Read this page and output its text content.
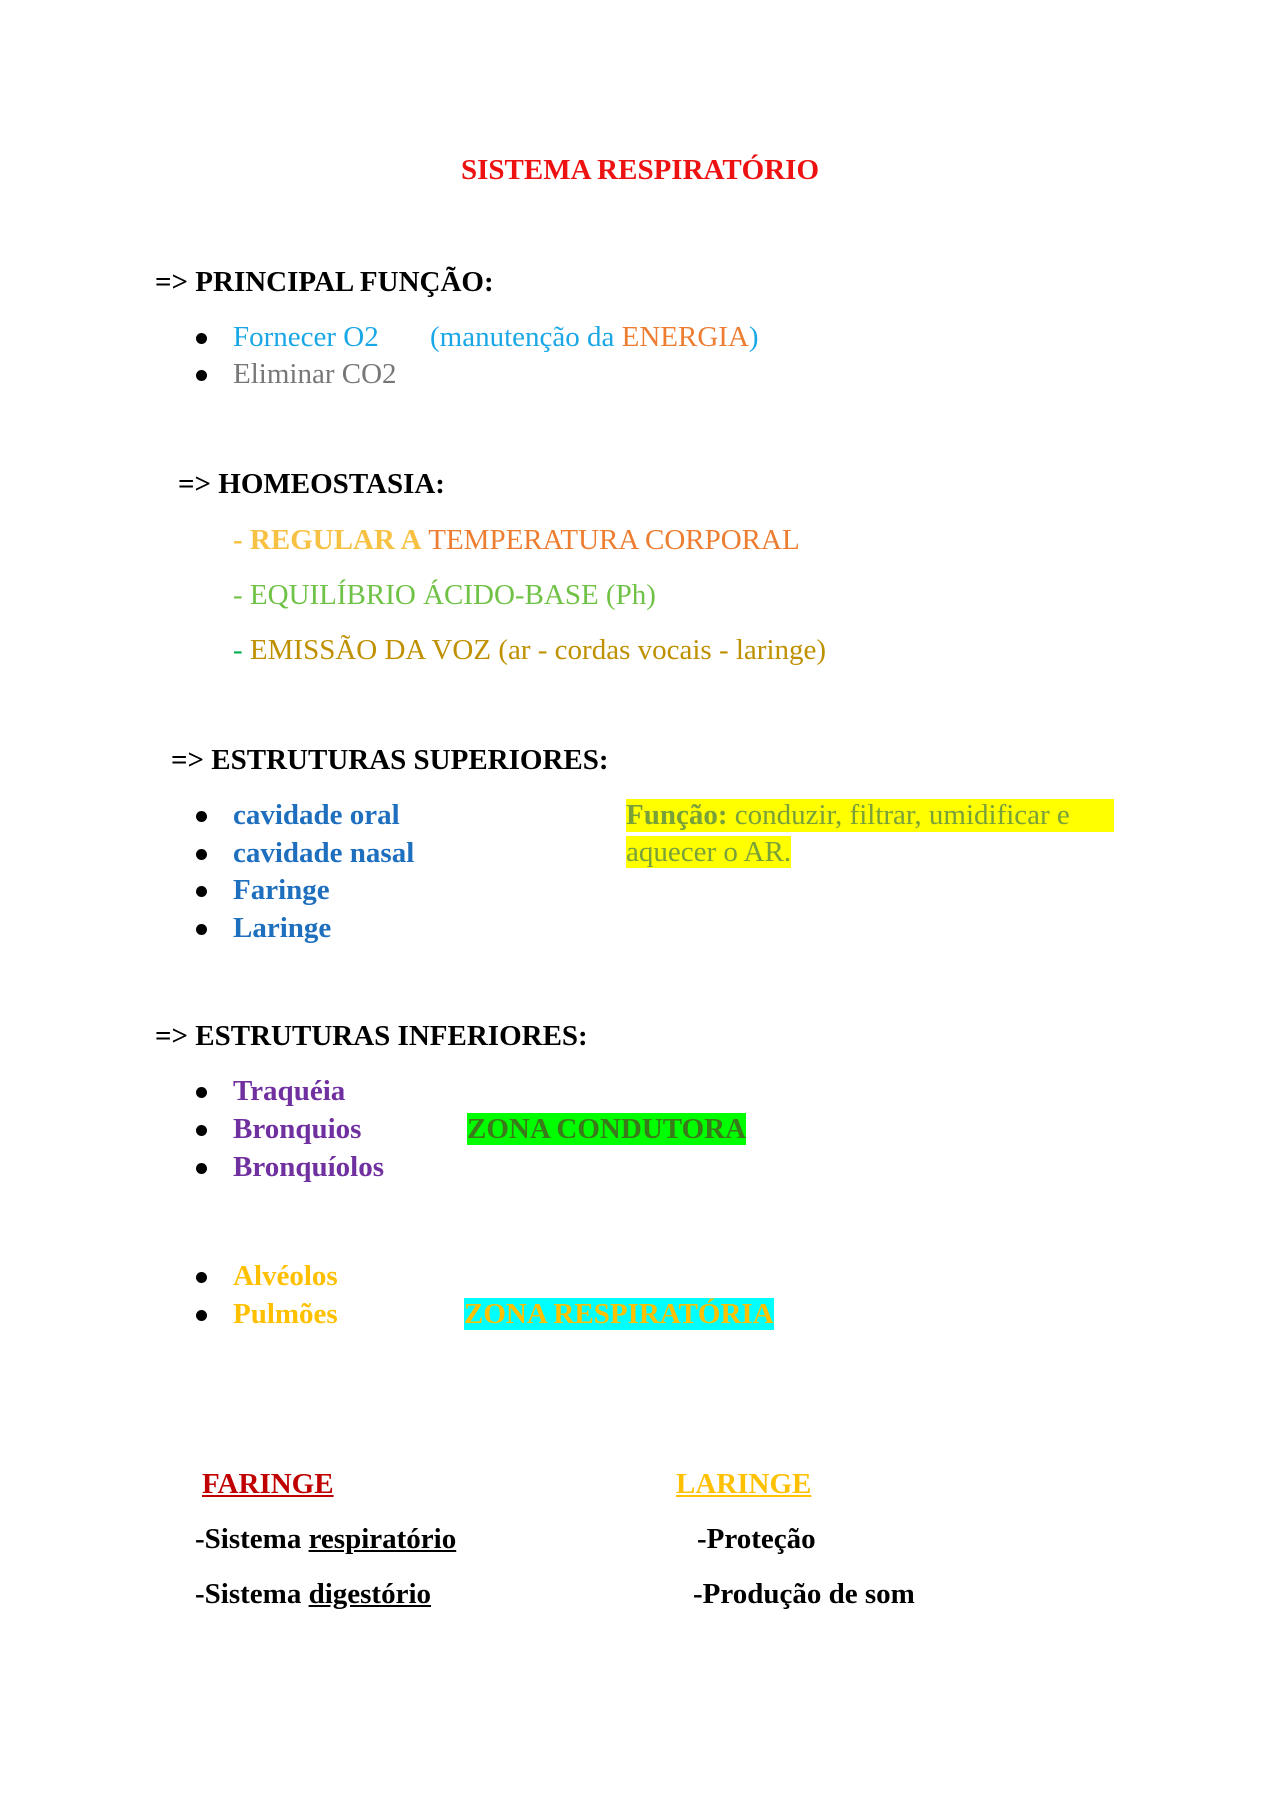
SISTEMA RESPIRATÓRIO
=> PRINCIPAL FUNÇÃO:
Fornecer O2 (manutenção da ENERGIA)
Eliminar CO2
=> HOMEOSTASIA:
- REGULAR A TEMPERATURA CORPORAL
- EQUILÍBRIO ÁCIDO-BASE (Ph)
- EMISSÃO DA VOZ (ar - cordas vocais - laringe)
=> ESTRUTURAS SUPERIORES:
cavidade oral
cavidade nasal
Faringe
Laringe
Função: conduzir, filtrar, umidificar e
aquecer o AR.
=> ESTRUTURAS INFERIORES:
Traquéia
Bronquios
Bronquíolos
ZONA CONDUTORA
Alvéolos
Pulmões	ZONA RESPIRATÓRIA
FARINGE	LARINGE
-Sistema respiratório
-Sistema digestório
-Proteção
-Produção de som
